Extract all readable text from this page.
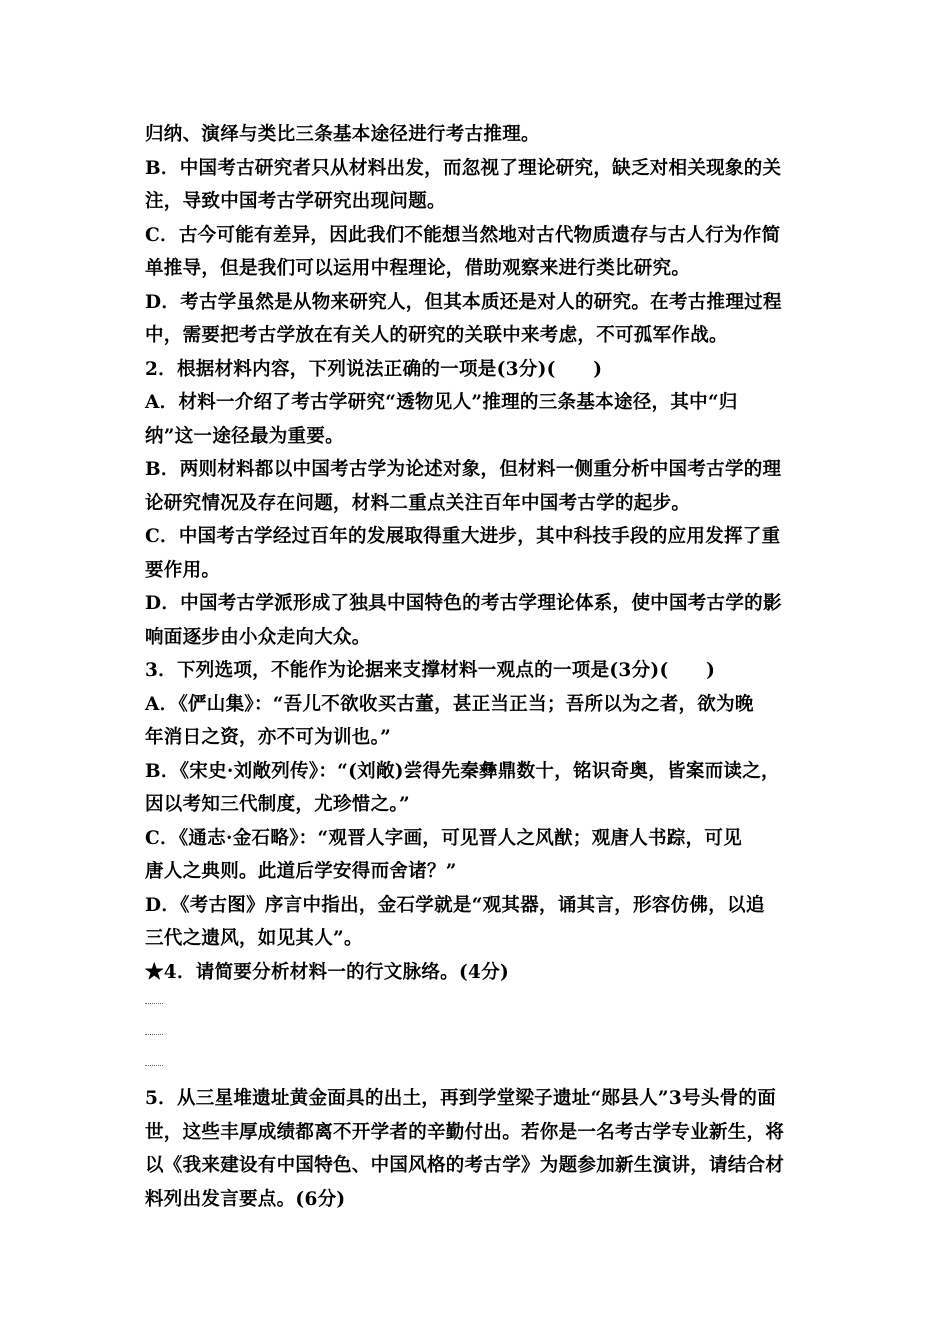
归纳、演绎与类比三条基本途径进行考古推理。
B．中国考古研究者只从材料出发，而忽视了理论研究，缺乏对相关现象的关
注，导致中国考古学研究出现问题。
C．古今可能有差异，因此我们不能想当然地对古代物质遗存与古人行为作简
单推导，但是我们可以运用中程理论，借助观察来进行类比研究。
D．考古学虽然是从物来研究人，但其本质还是对人的研究。在考古推理过程
中，需要把考古学放在有关人的研究的关联中来考虑，不可孤军作战。
2．根据材料内容，下列说法正确的一项是(3分)(　　)
A．材料一介绍了考古学研究“透物见人”推理的三条基本途径，其中“归
纳”这一途径最为重要。
B．两则材料都以中国考古学为论述对象，但材料一侧重分析中国考古学的理
论研究情况及存在问题，材料二重点关注百年中国考古学的起步。
C．中国考古学经过百年的发展取得重大进步，其中科技手段的应用发挥了重
要作用。
D．中国考古学派形成了独具中国特色的考古学理论体系，使中国考古学的影
响面逐步由小众走向大众。
3．下列选项，不能作为论据来支撑材料一观点的一项是(3分)(　　)
A．《俨山集》：“吾儿不欲收买古董，甚正当正当；吾所以为之者，欲为晚
年消日之资，亦不可为训也。”
B．《宋史·刘敞列传》：“(刘敞)尝得先秦彝鼎数十，铭识奇奥，皆案而读之，
因以考知三代制度，尤珍惜之。”
C．《通志·金石略》：“观晋人字画，可见晋人之风猷；观唐人书踪，可见
唐人之典则。此道后学安得而舍诸？”
D．《考古图》序言中指出，金石学就是“观其器，诵其言，形容仿佛，以追
三代之遗风，如见其人”。
★4．请简要分析材料一的行文脉络。(4分)
5．从三星堆遗址黄金面具的出土，再到学堂梁子遗址“郧县人”3号头骨的面
世，这些丰厚成绩都离不开学者的辛勤付出。若你是一名考古学专业新生，将
以《我来建设有中国特色、中国风格的考古学》为题参加新生演讲，请结合材
料列出发言要点。(6分)
